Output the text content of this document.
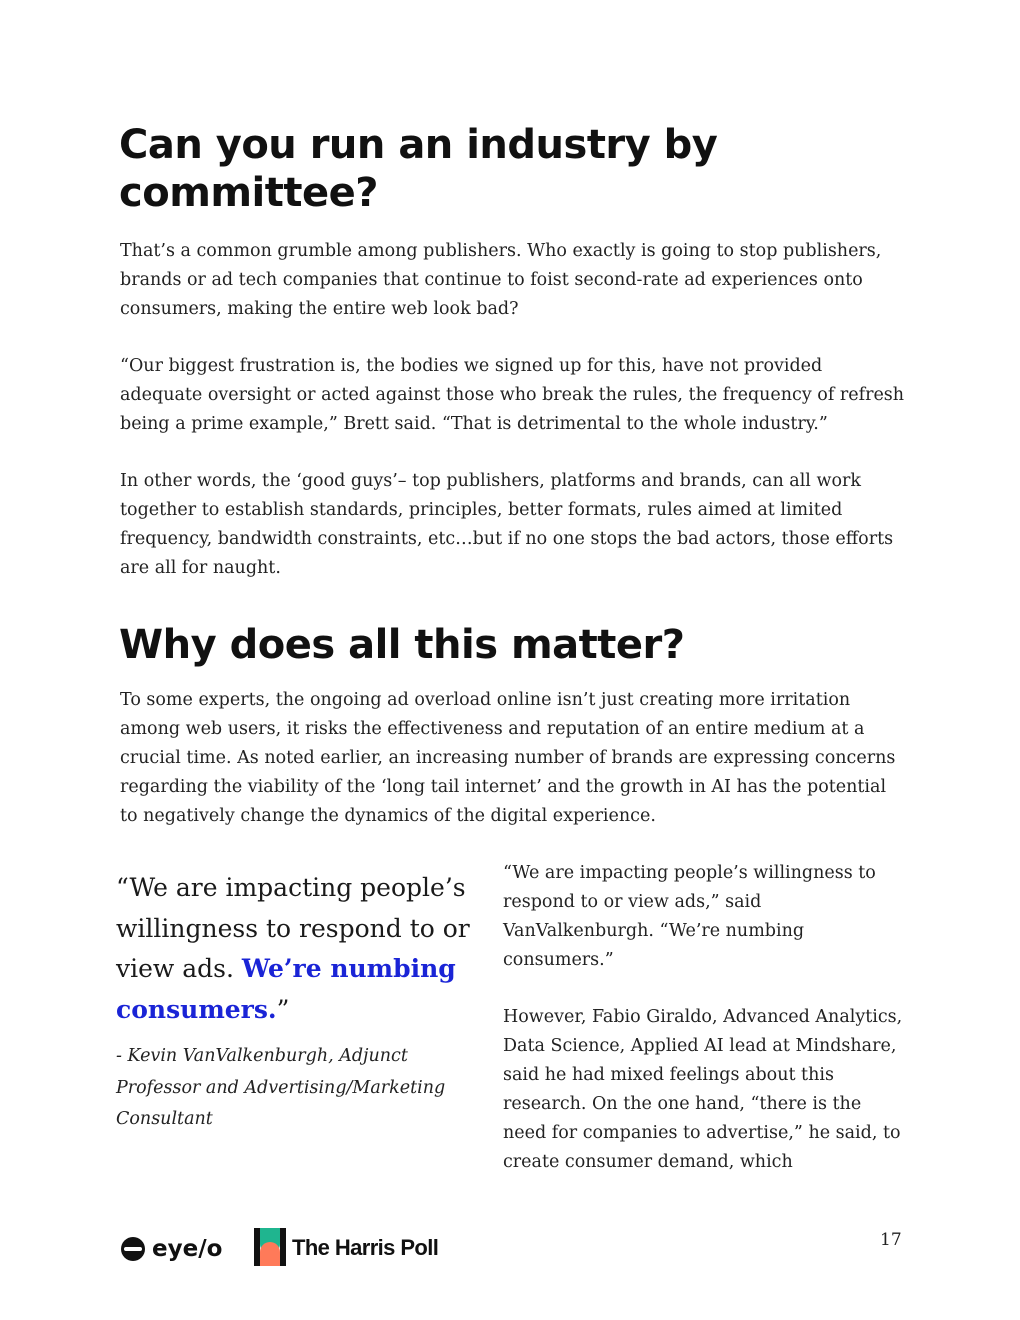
Can you run an industry by
committee?

That’s a common grumble among publishers. Who exactly is going to stop publishers, brands or ad tech companies that continue to foist second-rate ad experiences onto consumers, making the entire web look bad?

“Our biggest frustration is, the bodies we signed up for this, have not provided adequate oversight or acted against those who break the rules, the frequency of refresh being a prime example,” Brett said. “That is detrimental to the whole industry.”

In other words, the ‘good guys’– top publishers, platforms and brands, can all work together to establish standards, principles, better formats, rules aimed at limited frequency, bandwidth constraints, etc…but if no one stops the bad actors, those efforts are all for naught.

Why does all this matter?

To some experts, the ongoing ad overload online isn’t just creating more irritation among web users, it risks the effectiveness and reputation of an entire medium at a crucial time. As noted earlier, an increasing number of brands are expressing concerns regarding the viability of the ‘long tail internet’ and the growth in AI has the potential to negatively change the dynamics of the digital experience.

“We are impacting people’s willingness to respond to or view ads. We’re numbing consumers.”

- Kevin VanValkenburgh, Adjunct Professor and Advertising/Marketing Consultant

“We are impacting people’s willingness to respond to or view ads,” said VanValkenburgh. “We’re numbing consumers.”

However, Fabio Giraldo, Advanced Analytics, Data Science, Applied AI lead at Mindshare, said he had mixed feelings about this research. On the one hand, “there is the need for companies to advertise,” he said, to create consumer demand, which

eye/o	The Harris Poll	17
